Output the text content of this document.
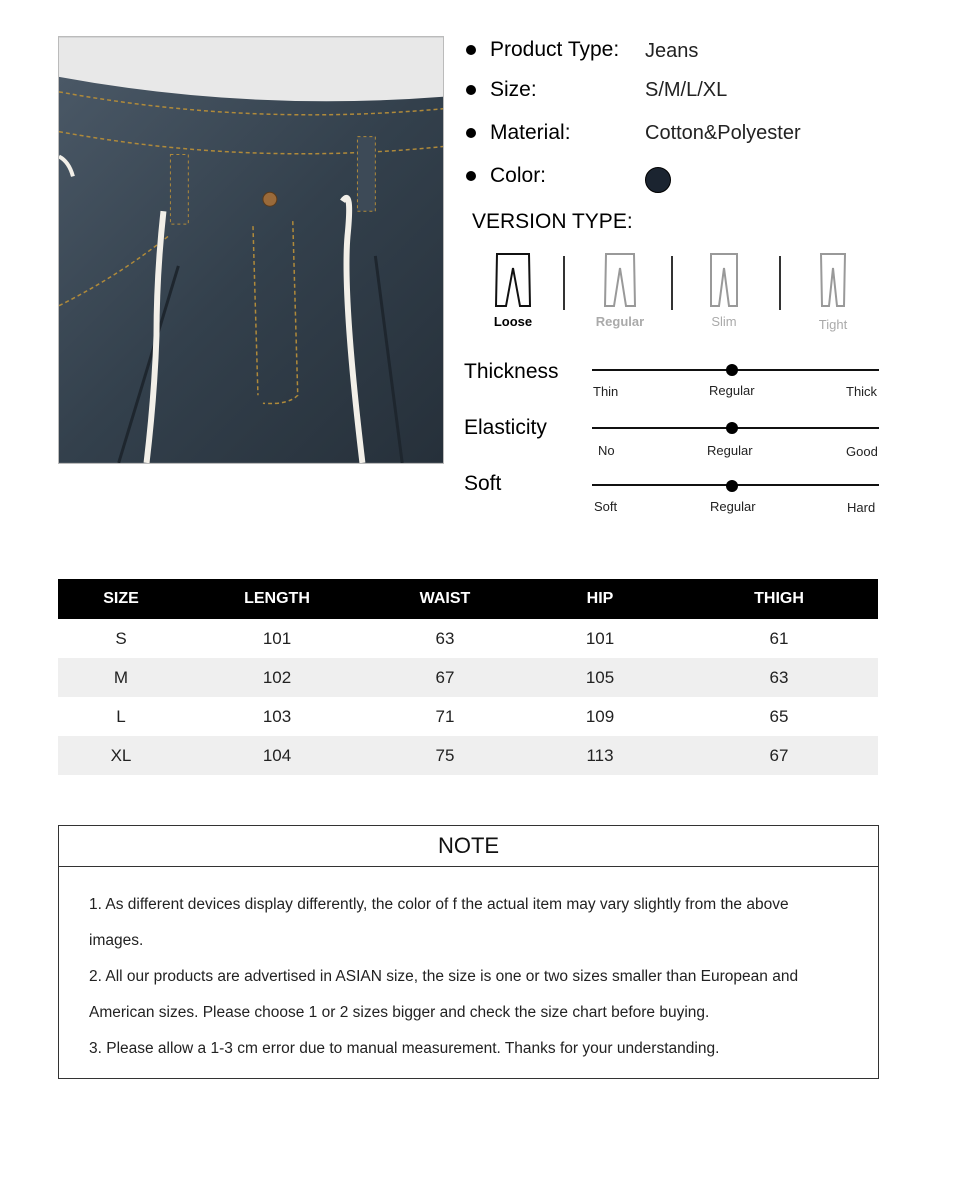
Product Type: Jeans
Size:	S/M/L/XL
Material:	Cotton&Polyester
Color:
VERSION TYPE:
Loose	Regular	Slim	Tight
Thickness
Thin	Regular	Thick
Elasticity
No	Regular	Good
Soft
Soft	Regular	Hard
SIZE	LENGTH	WAIST	HIP	THIGH
S	101	63	101	61
M	102	67	105	63
L	103	71	109	65
XL	104	75	113	67
NOTE
1. As different devices display differently, the color of f the actual item may vary slightly from the above
images.
2. All our products are advertised in ASIAN size, the size is one or two sizes smaller than European and
American sizes. Please choose 1 or 2 sizes bigger and check the size chart before buying.
3. Please allow a 1-3 cm error due to manual measurement. Thanks for your understanding.
